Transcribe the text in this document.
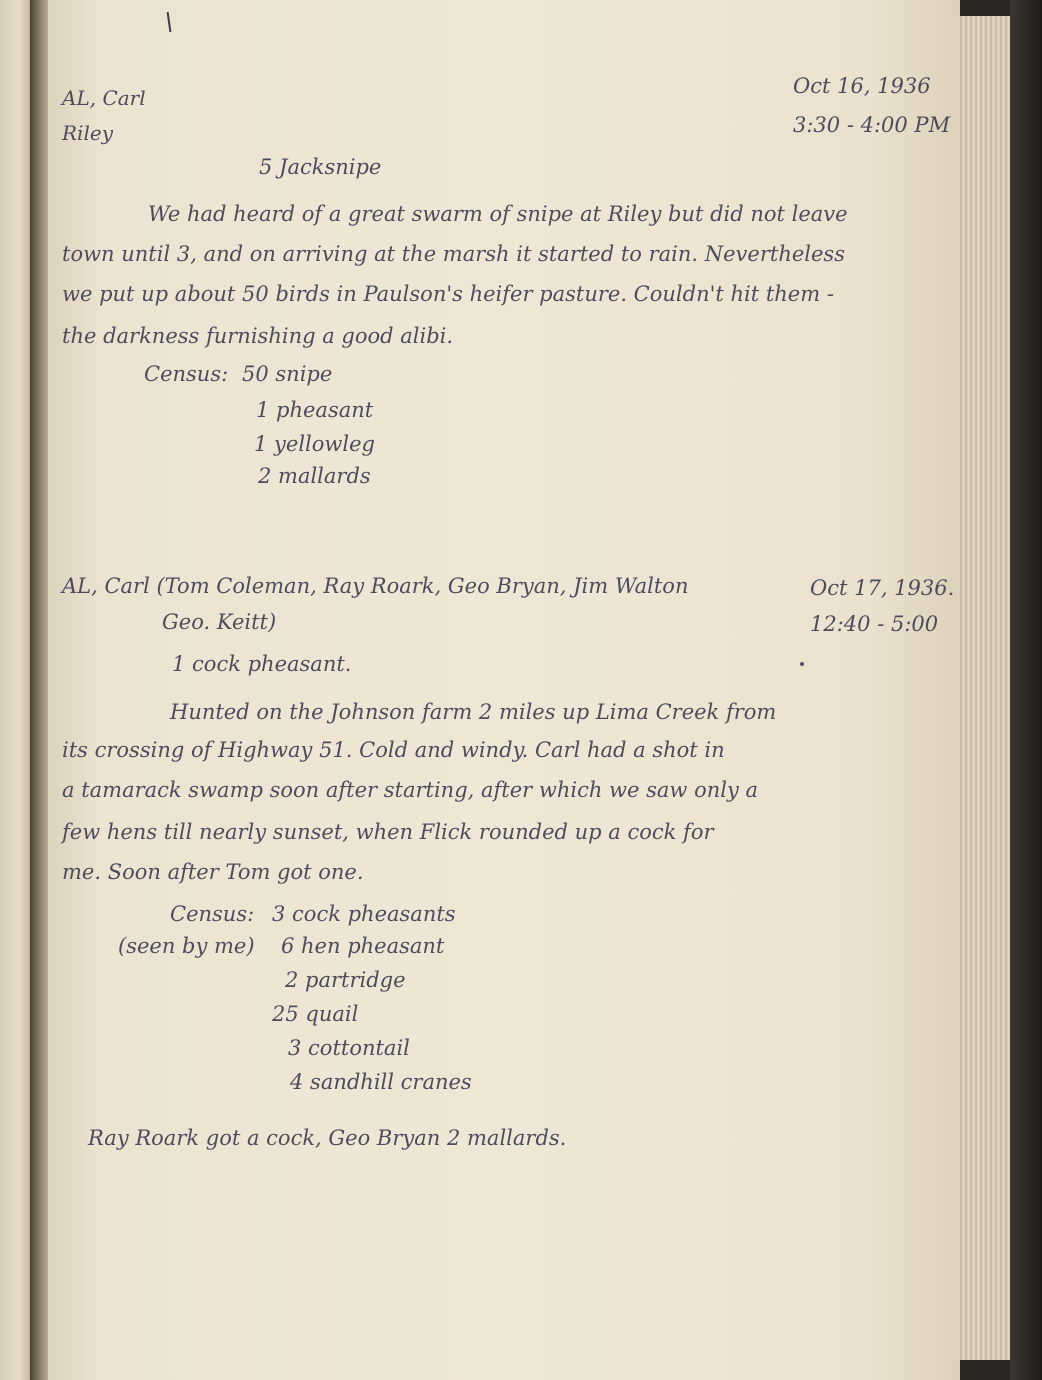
AL, Carl
Riley
Oct 16, 1936
3:30 - 4:00 PM
5 Jacksnipe
We had heard of a great swarm of snipe at Riley but did not leave
town until 3, and on arriving at the marsh it started to rain. Nevertheless
we put up about 50 birds in Paulson's heifer pasture. Couldn't hit them -
the darkness furnishing a good alibi.
Census: 50 snipe
1 pheasant
1 yellowleg
2 mallards
AL, Carl (Tom Coleman, Ray Roark, Geo Bryan, Jim Walton
Geo. Keitt)
Oct 17, 1936.
12:40 - 5:00
1 cock pheasant.
Hunted on the Johnson farm 2 miles up Lima Creek from
its crossing of Highway 51. Cold and windy. Carl had a shot in
a tamarack swamp soon after starting, after which we saw only a
few hens till nearly sunset, when Flick rounded up a cock for
me. Soon after Tom got one.
Census:
(seen by me)
3 cock pheasants
6 hen pheasant
2 partridge
25 quail
3 cottontail
4 sandhill cranes
Ray Roark got a cock, Geo Bryan 2 mallards.
